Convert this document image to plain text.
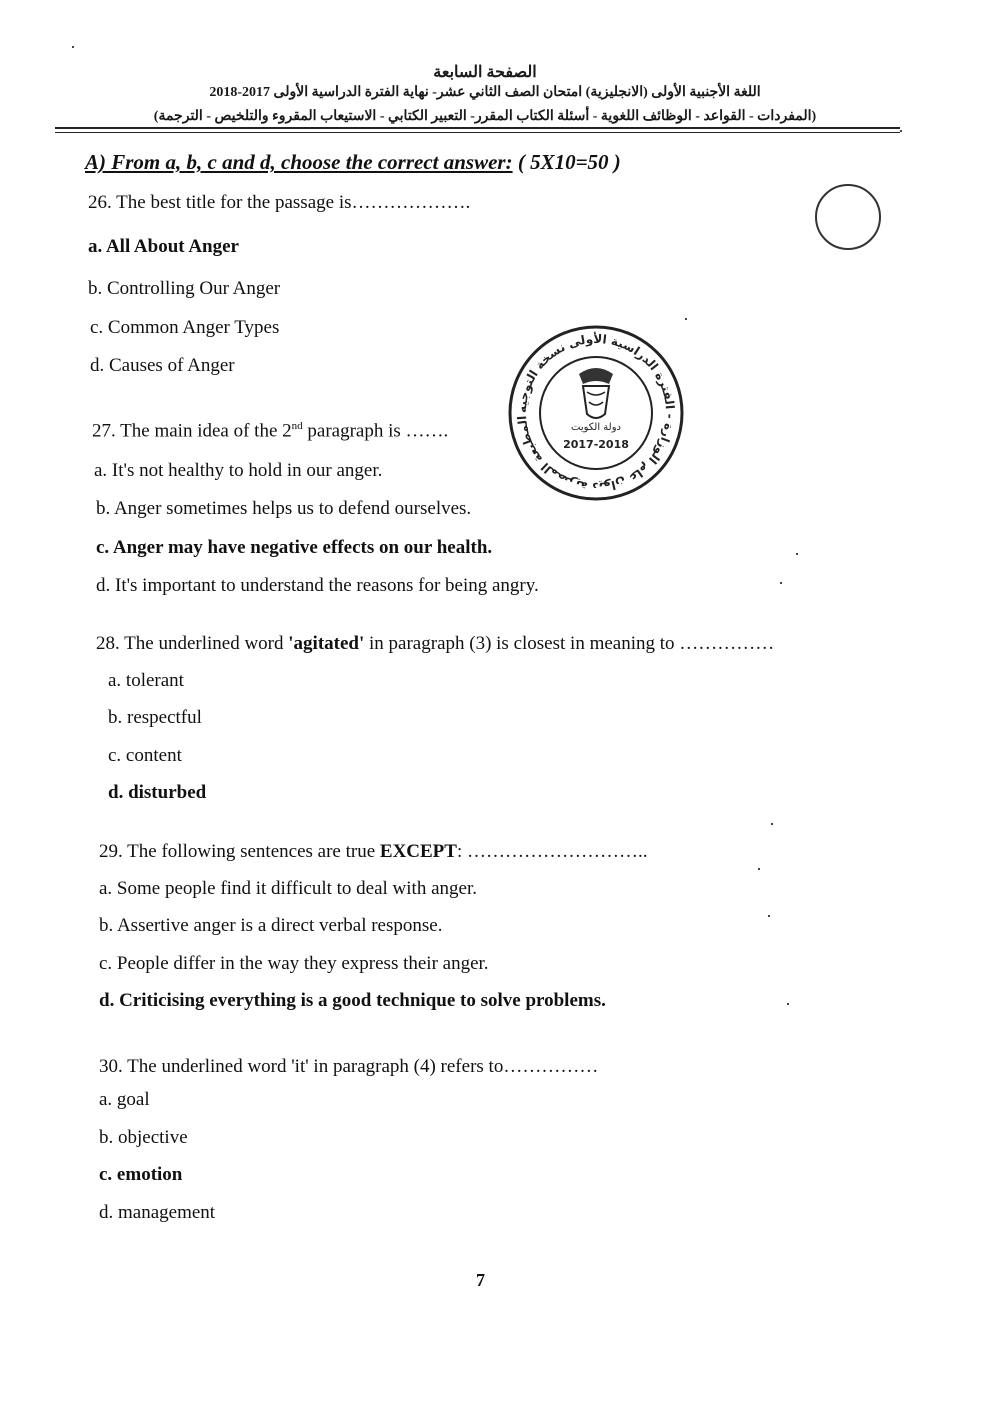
الصفحة السابعة
اللغة الأجنبية الأولى (الانجليزية) امتحان الصف الثاني عشر- نهاية الفترة الدراسية الأولى 2017-2018
(المفردات - القواعد - الوظائف اللغوية - أسئلة الكتاب المقرر- التعبير الكتابي - الاستيعاب المقروء والتلخيص - الترجمة)
A) From a, b, c and d, choose the correct answer: ( 5X10=50 )
26. The best title for the passage is……………….
a. All About Anger
b. Controlling Our Anger
c. Common Anger Types
d. Causes of Anger
27. The main idea of the 2nd paragraph is …….
a. It's not healthy to hold in our anger.
b. Anger sometimes helps us to defend ourselves.
c. Anger may have negative effects on our health.
d. It's important to understand the reasons for being angry.
28. The underlined word 'agitated' in paragraph (3) is closest in meaning to ……………
a. tolerant
b. respectful
c. content
d. disturbed
29. The following sentences are true EXCEPT: ………………………..
a. Some people find it difficult to deal with anger.
b. Assertive anger is a direct verbal response.
c. People differ in the way they express their anger.
d. Criticising everything is a good technique to solve problems.
30. The underlined word 'it' in paragraph (4) refers to……………
a. goal
b. objective
c. emotion
d. management
المطبعة المصرية ديوان عام الوزارة - الفترة الدراسية الأولى نسخة التوجيه
دولة الكويت
2017-2018
7
